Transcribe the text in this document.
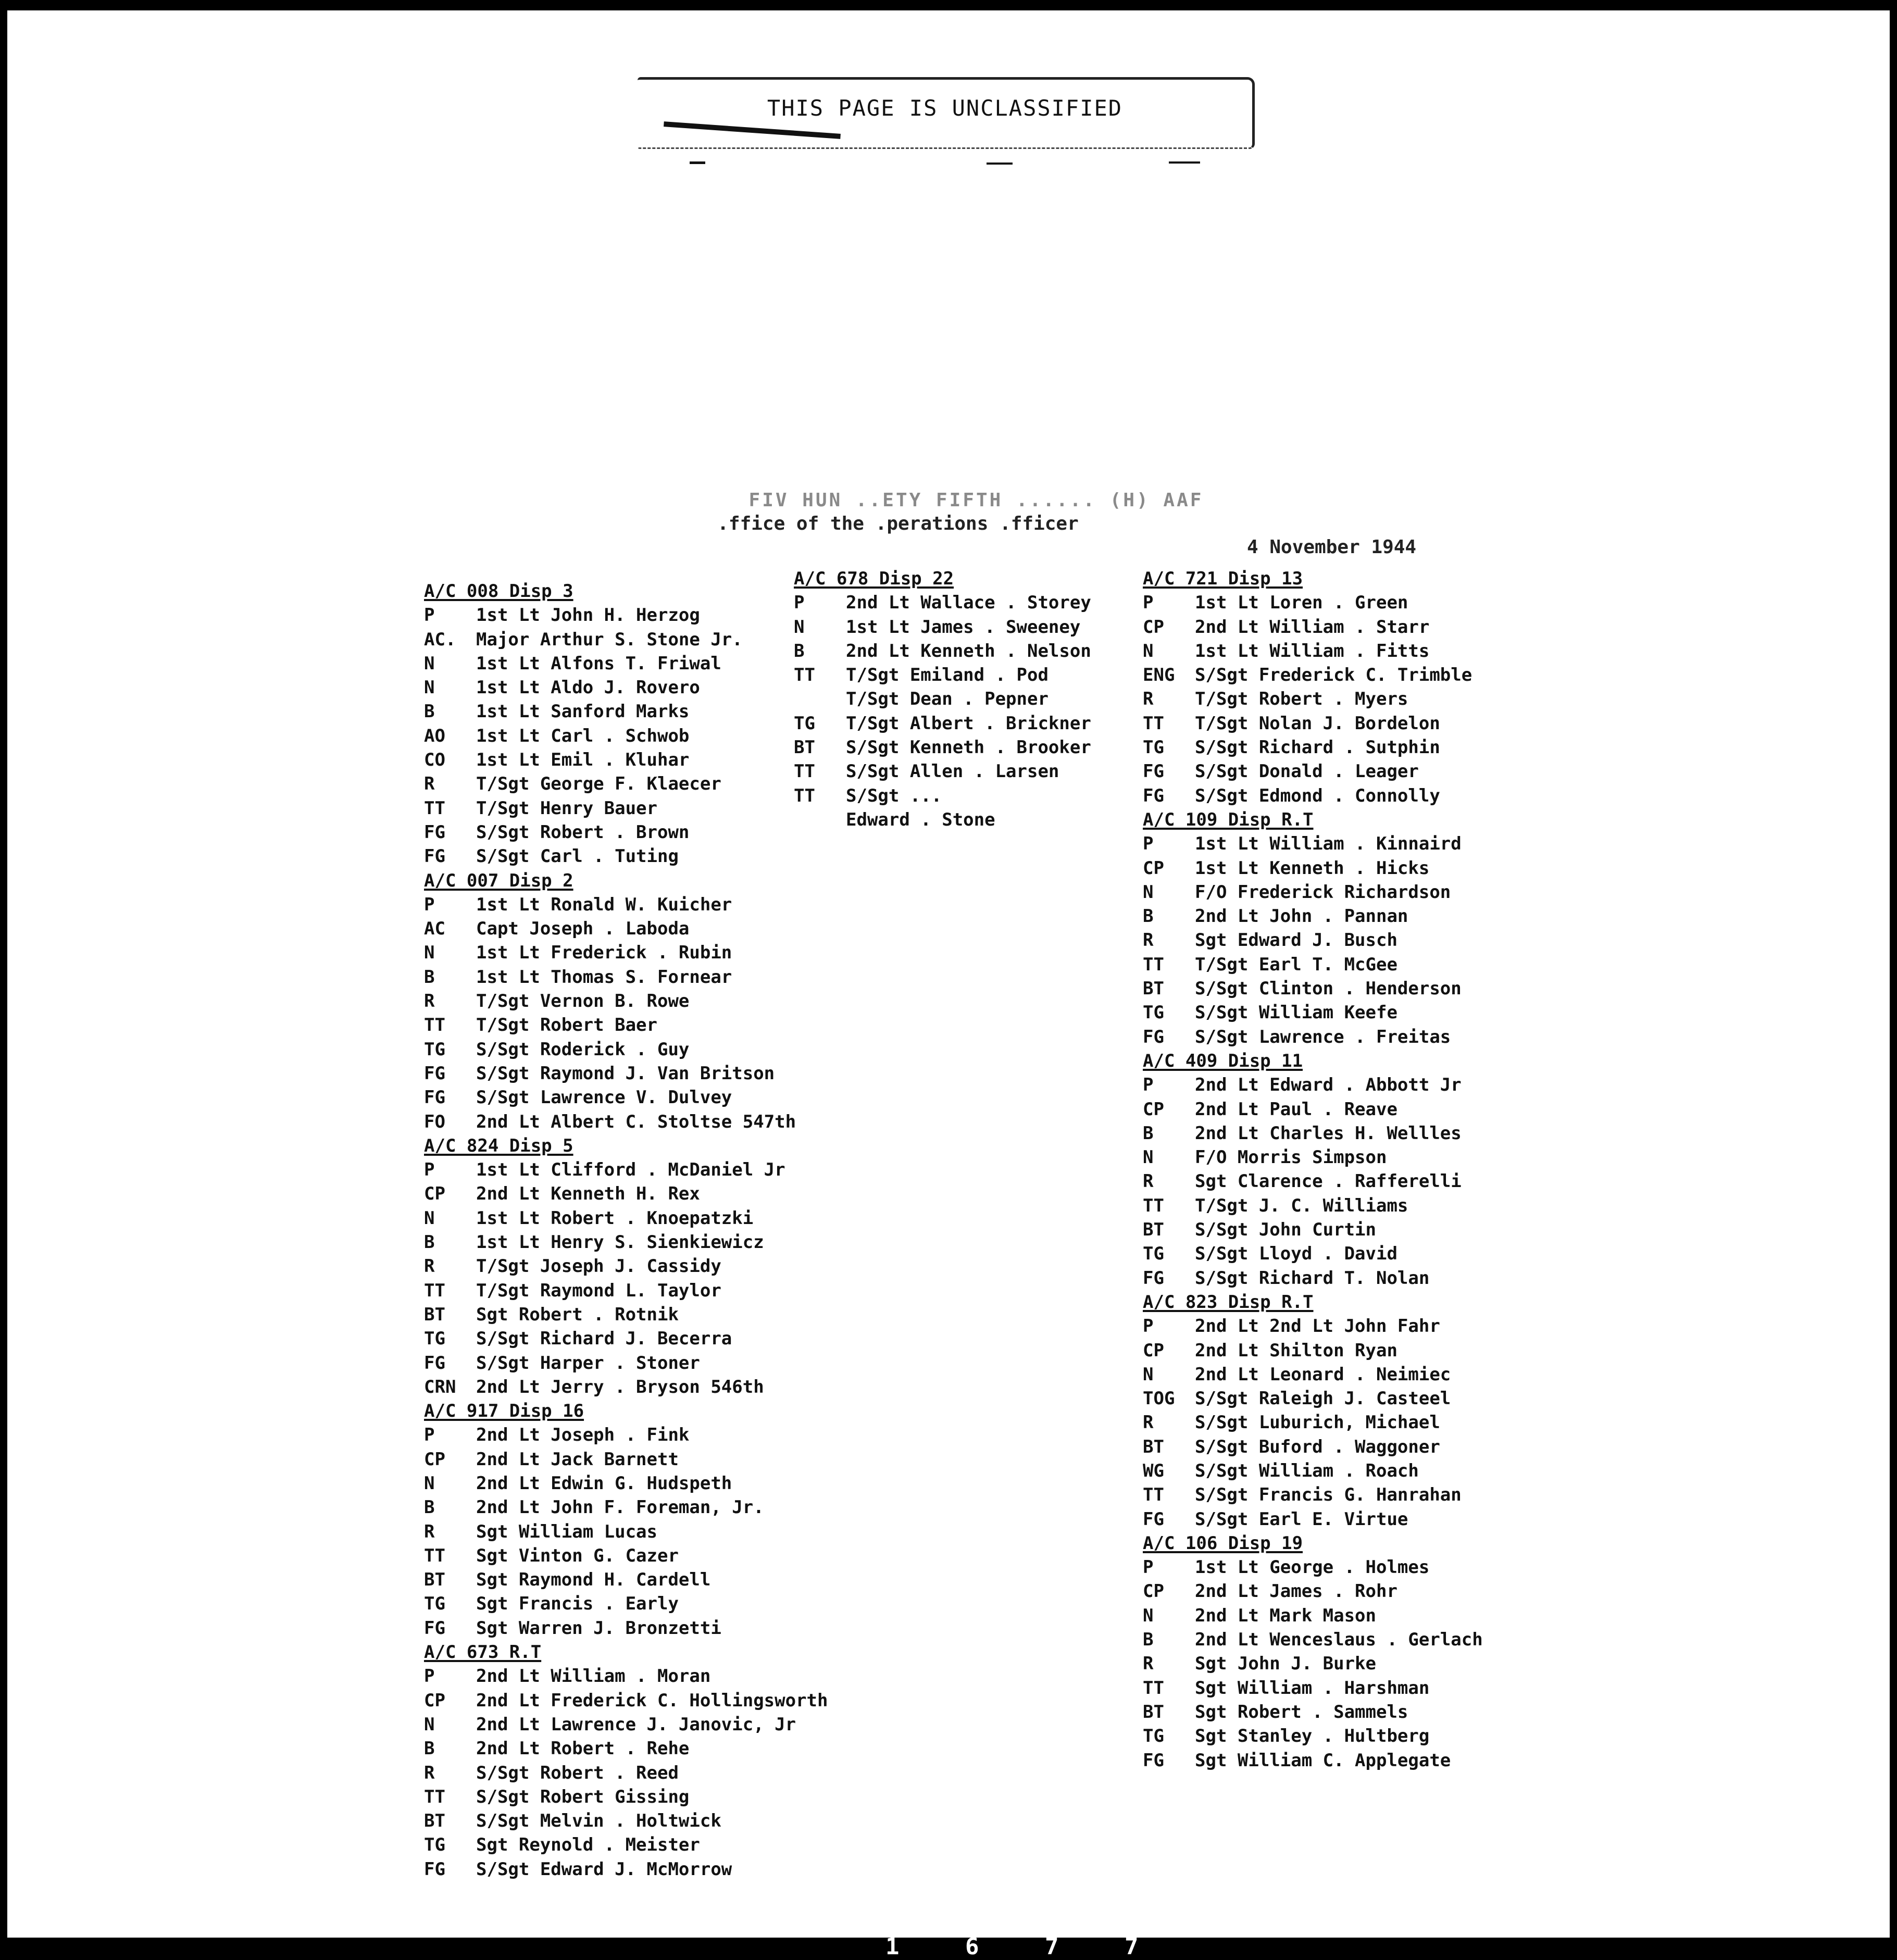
THIS PAGE IS UNCLASSIFIED
FIV HUN ..ETY FIFTH ...... (H) AAF
.ffice of the .perations .fficer
4 November 1944
A/C 008 Disp 3
P	1st Lt John H. Herzog
AC.	Major Arthur S. Stone Jr.
N	1st Lt Alfons T. Friwal
N	1st Lt Aldo J. Rovero
B	1st Lt Sanford Marks
AO	1st Lt Carl . Schwob
CO	1st Lt Emil . Kluhar
R	T/Sgt George F. Klaecer
TT	T/Sgt Henry Bauer
FG	S/Sgt Robert . Brown
FG	S/Sgt Carl . Tuting
A/C 007 Disp 2
P	1st Lt Ronald W. Kuicher
AC	Capt Joseph . Laboda
N	1st Lt Frederick . Rubin
B	1st Lt Thomas S. Fornear
R	T/Sgt Vernon B. Rowe
TT	T/Sgt Robert Baer
TG	S/Sgt Roderick . Guy
FG	S/Sgt Raymond J. Van Britson
FG	S/Sgt Lawrence V. Dulvey
FO	2nd Lt Albert C. Stoltse 547th
A/C 824 Disp 5
P	1st Lt Clifford . McDaniel Jr
CP	2nd Lt Kenneth H. Rex
N	1st Lt Robert . Knoepatzki
B	1st Lt Henry S. Sienkiewicz
R	T/Sgt Joseph J. Cassidy
TT	T/Sgt Raymond L. Taylor
BT	Sgt Robert . Rotnik
TG	S/Sgt Richard J. Becerra
FG	S/Sgt Harper . Stoner
CRN	2nd Lt Jerry . Bryson 546th
A/C 917 Disp 16
P	2nd Lt Joseph . Fink
CP	2nd Lt Jack Barnett
N	2nd Lt Edwin G. Hudspeth
B	2nd Lt John F. Foreman, Jr.
R	Sgt William Lucas
TT	Sgt Vinton G. Cazer
BT	Sgt Raymond H. Cardell
TG	Sgt Francis . Early
FG	Sgt Warren J. Bronzetti
A/C 673 R.T
P	2nd Lt William . Moran
CP	2nd Lt Frederick C. Hollingsworth
N	2nd Lt Lawrence J. Janovic, Jr
B	2nd Lt Robert . Rehe
R	S/Sgt Robert . Reed
TT	S/Sgt Robert Gissing
BT	S/Sgt Melvin . Holtwick
TG	Sgt Reynold . Meister
FG	S/Sgt Edward J. McMorrow
A/C 678 Disp 22
P	2nd Lt Wallace . Storey
N	1st Lt James . Sweeney
B	2nd Lt Kenneth . Nelson
TT	T/Sgt Emiland . Pod
T/Sgt Dean . Pepner
TG	T/Sgt Albert . Brickner
BT	S/Sgt Kenneth . Brooker
TT	S/Sgt Allen . Larsen
TT	S/Sgt ...
Edward . Stone
A/C 721 Disp 13
P	1st Lt Loren . Green
CP	2nd Lt William . Starr
N	1st Lt William . Fitts
ENG	S/Sgt Frederick C. Trimble
R	T/Sgt Robert . Myers
TT	T/Sgt Nolan J. Bordelon
TG	S/Sgt Richard . Sutphin
FG	S/Sgt Donald . Leager
FG	S/Sgt Edmond . Connolly
A/C 109 Disp R.T
P	1st Lt William . Kinnaird
CP	1st Lt Kenneth . Hicks
N	F/O Frederick Richardson
B	2nd Lt John . Pannan
R	Sgt Edward J. Busch
TT	T/Sgt Earl T. McGee
BT	S/Sgt Clinton . Henderson
TG	S/Sgt William Keefe
FG	S/Sgt Lawrence . Freitas
A/C 409 Disp 11
P	2nd Lt Edward . Abbott Jr
CP	2nd Lt Paul . Reave
B	2nd Lt Charles H. Wellles
N	F/O Morris Simpson
R	Sgt Clarence . Rafferelli
TT	T/Sgt J. C. Williams
BT	S/Sgt John Curtin
TG	S/Sgt Lloyd . David
FG	S/Sgt Richard T. Nolan
A/C 823 Disp R.T
P	2nd Lt 2nd Lt John Fahr
CP	2nd Lt Shilton Ryan
N	2nd Lt Leonard . Neimiec
TOG	S/Sgt Raleigh J. Casteel
R	S/Sgt Luburich, Michael
BT	S/Sgt Buford . Waggoner
WG	S/Sgt William . Roach
TT	S/Sgt Francis G. Hanrahan
FG	S/Sgt Earl E. Virtue
A/C 106 Disp 19
P	1st Lt George . Holmes
CP	2nd Lt James . Rohr
N	2nd Lt Mark Mason
B	2nd Lt Wenceslaus . Gerlach
R	Sgt John J. Burke
TT	Sgt William . Harshman
BT	Sgt Robert . Sammels
TG	Sgt Stanley . Hultberg
FG	Sgt William C. Applegate
1 6 7 7
